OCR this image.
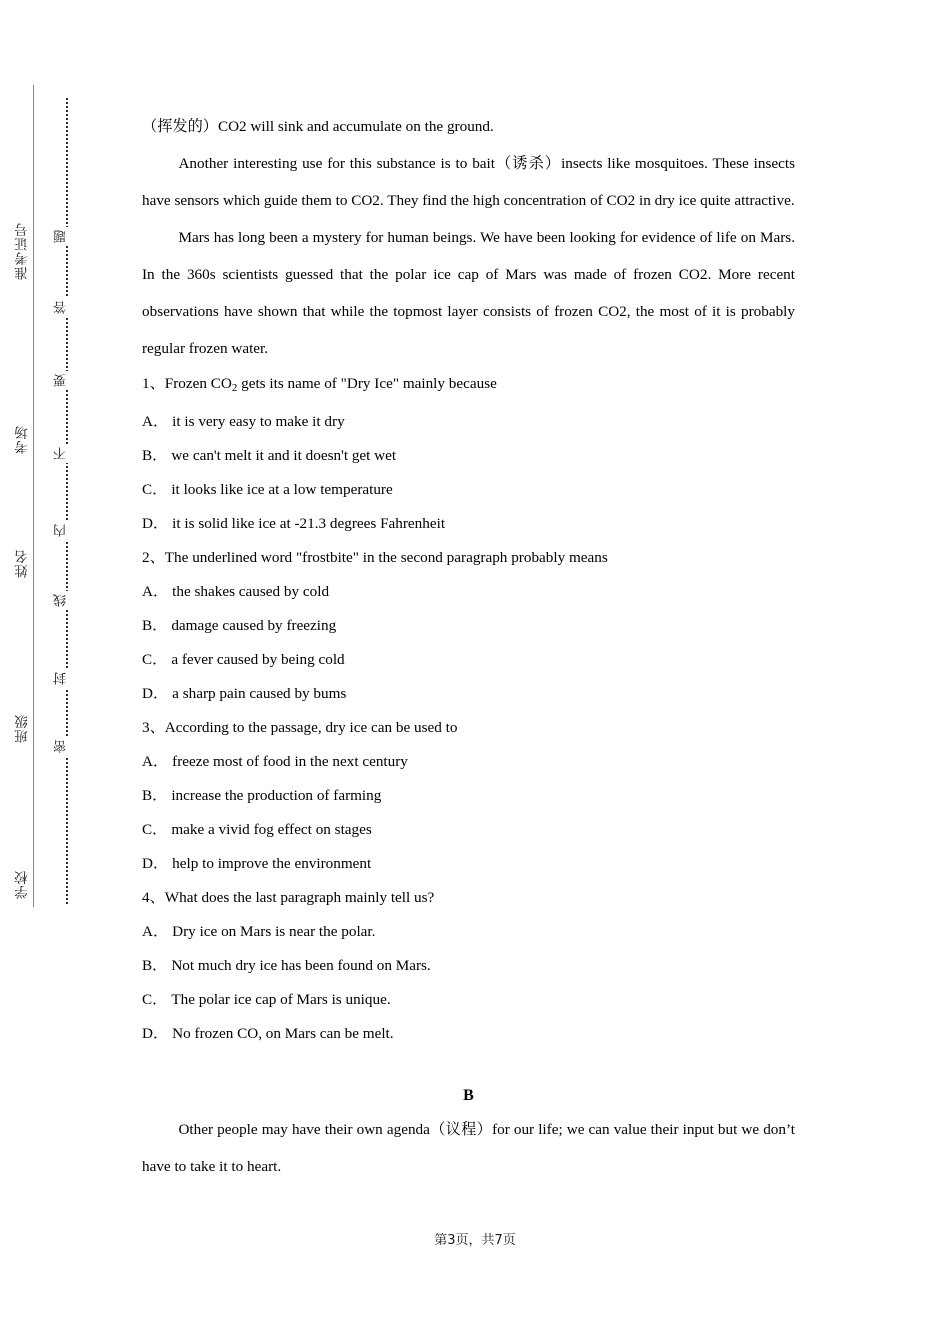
准考证号
考场
姓名
班级
学校
题
答
要
不
内
线
封
密

（挥发的）CO2 will sink and accumulate on the ground.

Another interesting use for this substance is to bait（诱杀）insects like mosquitoes. These insects have sensors which guide them to CO2. They find the high concentration of CO2 in dry ice quite attractive.

Mars has long been a mystery for human beings. We have been looking for evidence of life on Mars. In the 360s scientists guessed that the polar ice cap of Mars was made of frozen CO2. More recent observations have shown that while the topmost layer consists of frozen CO2, the most of it is probably regular frozen water.

1、Frozen $CO_2$ gets its name of "Dry Ice" mainly because

A． it is very easy to make it dry

B． we can't melt it and it doesn't get wet

C． it looks like ice at a low temperature

D． it is solid like ice at -21.3 degrees Fahrenheit

2、The underlined word "frostbite" in the second paragraph probably means

A． the shakes caused by cold

B． damage caused by freezing

C． a fever caused by being cold

D． a sharp pain caused by bums

3、According to the passage, dry ice can be used to

A． freeze most of food in the next century

B． increase the production of farming

C． make a vivid fog effect on stages

D． help to improve the environment

4、What does the last paragraph mainly tell us?

A． Dry ice on Mars is near the polar.

B． Not much dry ice has been found on Mars.

C． The polar ice cap of Mars is unique.

D． No frozen CO, on Mars can be melt.

B

Other people may have their own agenda（议程）for our life; we can value their input but we don’t have to take it to heart.

第3页，共7页
